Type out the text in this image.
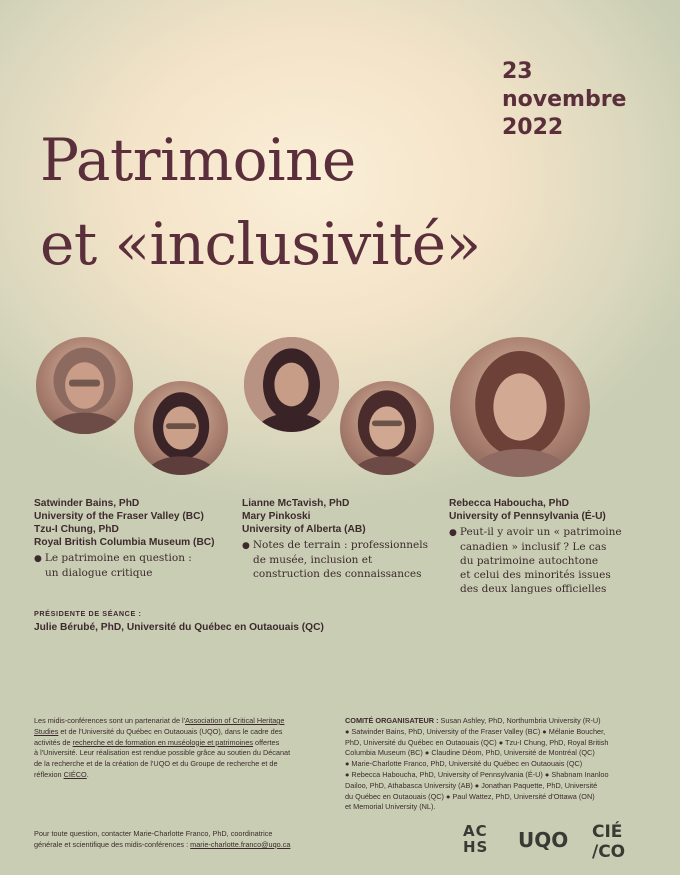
23
novembre
2022
Patrimoine
et «inclusivité»
Satwinder Bains, PhD
University of the Fraser Valley (BC)
Tzu-I Chung, PhD
Royal British Columbia Museum (BC)
● Le patrimoine en question :
un dialogue critique
Lianne McTavish, PhD
Mary Pinkoski
University of Alberta (AB)
● Notes de terrain : professionnels
de musée, inclusion et
construction des connaissances
Rebecca Haboucha, PhD
University of Pennsylvania (É-U)
● Peut-il y avoir un « patrimoine
canadien » inclusif ? Le cas
du patrimoine autochtone
et celui des minorités issues
des deux langues officielles
PRÉSIDENTE DE SÉANCE :
Julie Bérubé, PhD, Université du Québec en Outaouais (QC)
Les midis-conférences sont un partenariat de l'Association of Critical Heritage
Studies et de l'Université du Québec en Outaouais (UQO), dans le cadre des
activités de recherche et de formation en muséologie et patrimoines offertes
à l'Université. Leur réalisation est rendue possible grâce au soutien du Décanat
de la recherche et de la création de l'UQO et du Groupe de recherche et de
réflexion CIÉCO.
COMITÉ ORGANISATEUR : Susan Ashley, PhD, Northumbria University (R-U)
● Satwinder Bains, PhD, University of the Fraser Valley (BC) ● Mélanie Boucher,
PhD, Université du Québec en Outaouais (QC) ● Tzu-I Chung, PhD, Royal British
Columbia Museum (BC) ● Claudine Déom, PhD, Université de Montréal (QC)
● Marie-Charlotte Franco, PhD, Université du Québec en Outaouais (QC)
● Rebecca Haboucha, PhD, University of Pennsylvania (É-U) ● Shabnam Inanloo
Dailoo, PhD, Athabasca University (AB) ● Jonathan Paquette, PhD, Université
du Québec en Outaouais (QC) ● Paul Wattez, PhD, Université d'Ottawa (ON)
et Memorial University (NL).
Pour toute question, contacter Marie-Charlotte Franco, PhD, coordinatrice
générale et scientifique des midis-conférences : marie-charlotte.franco@uqo.ca
AC
HS UQO CIÉ
/CO
